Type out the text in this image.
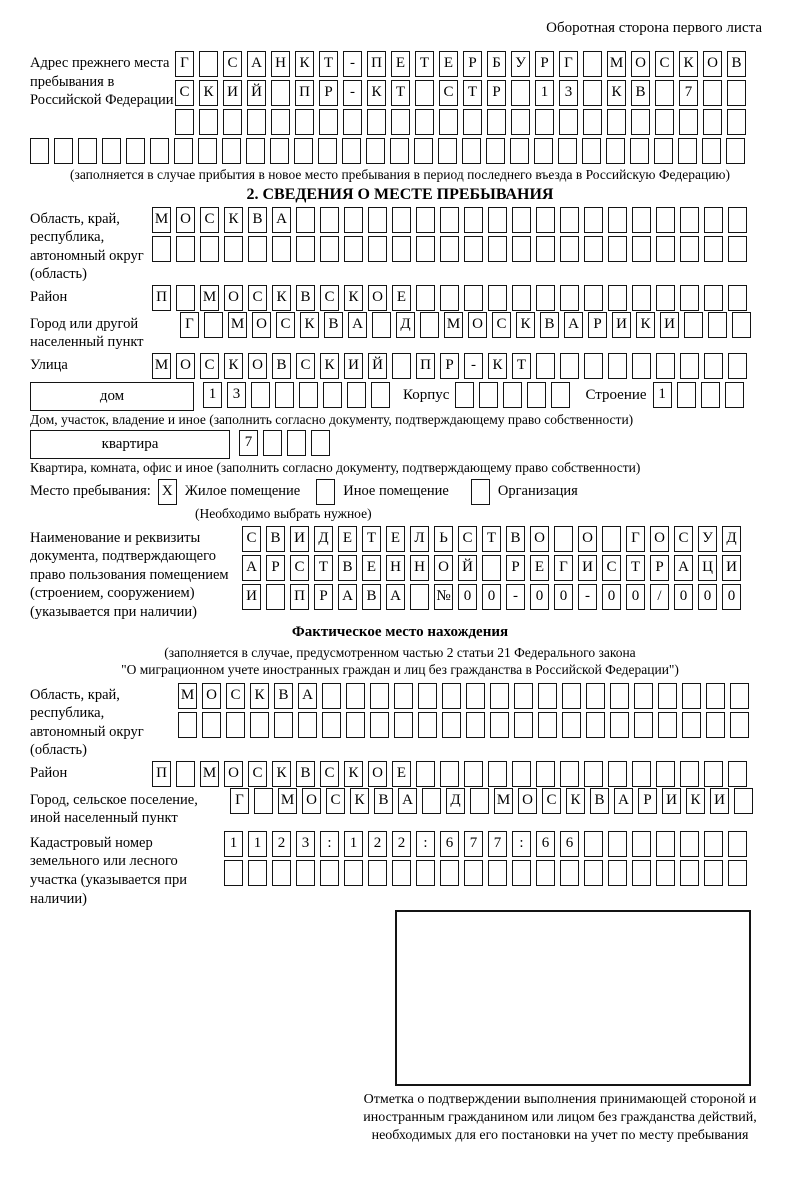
Оборотная сторона первого листа
Адрес прежнего места пребывания в Российской Федерации
Г	С А Н К Т	-	П Е Т Е	Р	Б У Р	Г	М О С К О В
С К И Й П Р	-	К Т	С Т	Р	1	3	К В	7
(заполняется в случае прибытия в новое место пребывания в период последнего въезда в Российскую Федерацию)
2. СВЕДЕНИЯ О МЕСТЕ ПРЕБЫВАНИЯ
Область, край, республика, автономный округ (область)
М О С К В А
Район	П М О С К В С К О Е
Город или другой населенный пункт
Г	М О С К В А Д М О С К В А Р И К И
Улица	М О С К О В С К И Й П Р	-	К Т
дом	1	3	Корпус	Строение 1
Дом, участок, владение и иное (заполнить согласно документу, подтверждающему право собственности)
квартира	7
Квартира, комната, офис и иное (заполнить согласно документу, подтверждающему право собственности)
Место пребывания: X Жилое помещение	Иное помещение	Организация
(Необходимо выбрать нужное)
Наименование и реквизиты документа, подтверждающего право пользования помещением (строением, сооружением) (указывается при наличии)
С В И Д Е Т Е Л Ь С Т В О О	Г О С У Д
А Р С Т В Е Н Н О Й	Р	Е	Г И С Т	Р А Ц И
И П Р А В А № 0	0	-	0	0	-	0	0	/	0	0	0
Фактическое место нахождения
(заполняется в случае, предусмотренном частью 2 статьи 21 Федерального закона
"О миграционном учете иностранных граждан и лиц без гражданства в Российской Федерации")
Область, край, республика, автономный округ (область)
М О С К В А
Район	П М О С К В С К О Е
Город, сельское поселение, иной населенный пункт
Г	М О С К В А Д М О С К В А Р И К И
Кадастровый номер земельного или лесного участка (указывается при наличии)
1	1	2	3	:	1	2	2	:	6	7	7	:	6	6
Отметка о подтверждении выполнения принимающей стороной и иностранным гражданином или лицом без гражданства действий, необходимых для его постановки на учет по месту пребывания
